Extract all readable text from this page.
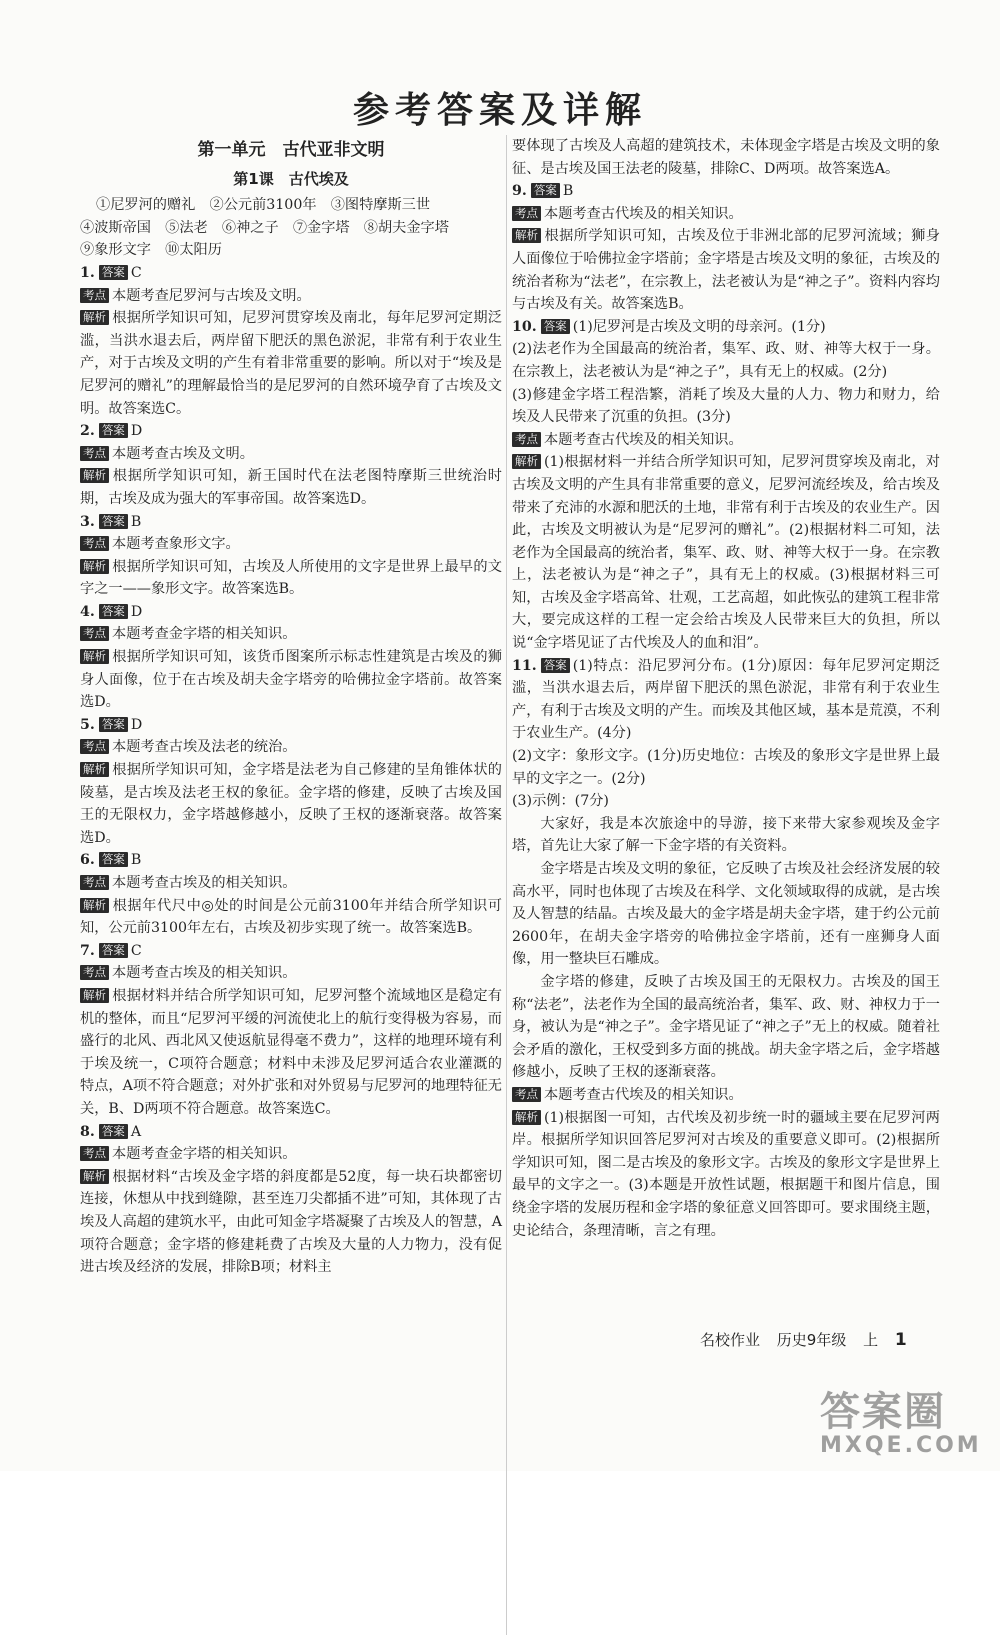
参考答案及详解
第一单元　古代亚非文明
第1课　古代埃及

①尼罗河的赠礼　②公元前3100年　③图特摩斯三世

④波斯帝国　⑤法老　⑥神之子　⑦金字塔　⑧胡夫金字塔

⑨象形文字　⑩太阳历

1. 答案 C

考点 本题考查尼罗河与古埃及文明。

解析 根据所学知识可知，尼罗河贯穿埃及南北，每年尼罗河定期泛滥，当洪水退去后，两岸留下肥沃的黑色淤泥，非常有利于农业生产，对于古埃及文明的产生有着非常重要的影响。所以对于“埃及是尼罗河的赠礼”的理解最恰当的是尼罗河的自然环境孕育了古埃及文明。故答案选C。

2. 答案 D

考点 本题考查古埃及文明。

解析 根据所学知识可知，新王国时代在法老图特摩斯三世统治时期，古埃及成为强大的军事帝国。故答案选D。

3. 答案 B

考点 本题考查象形文字。

解析 根据所学知识可知，古埃及人所使用的文字是世界上最早的文字之一——象形文字。故答案选B。

4. 答案 D

考点 本题考查金字塔的相关知识。

解析 根据所学知识可知，该货币图案所示标志性建筑是古埃及的狮身人面像，位于在古埃及胡夫金字塔旁的哈佛拉金字塔前。故答案选D。

5. 答案 D

考点 本题考查古埃及法老的统治。

解析 根据所学知识可知，金字塔是法老为自己修建的呈角锥体状的陵墓，是古埃及法老王权的象征。金字塔的修建，反映了古埃及国王的无限权力，金字塔越修越小，反映了王权的逐渐衰落。故答案选D。

6. 答案 B

考点 本题考查古埃及的相关知识。

解析 根据年代尺中◎处的时间是公元前3100年并结合所学知识可知，公元前3100年左右，古埃及初步实现了统一。故答案选B。

7. 答案 C

考点 本题考查古埃及的相关知识。

解析 根据材料并结合所学知识可知，尼罗河整个流域地区是稳定有机的整体，而且“尼罗河平缓的河流使北上的航行变得极为容易，而盛行的北风、西北风又使返航显得毫不费力”，这样的地理环境有利于埃及统一，C项符合题意；材料中未涉及尼罗河适合农业灌溉的特点，A项不符合题意；对外扩张和对外贸易与尼罗河的地理特征无关，B、D两项不符合题意。故答案选C。

8. 答案 A

考点 本题考查金字塔的相关知识。

解析 根据材料“古埃及金字塔的斜度都是52度，每一块石块都密切连接，休想从中找到缝隙，甚至连刀尖都插不进”可知，其体现了古埃及人高超的建筑水平，由此可知金字塔凝聚了古埃及人的智慧，A项符合题意；金字塔的修建耗费了古埃及大量的人力物力，没有促进古埃及经济的发展，排除B项；材料主

要体现了古埃及人高超的建筑技术，未体现金字塔是古埃及文明的象征、是古埃及国王法老的陵墓，排除C、D两项。故答案选A。

9. 答案 B

考点 本题考查古代埃及的相关知识。

解析 根据所学知识可知，古埃及位于非洲北部的尼罗河流域；狮身人面像位于哈佛拉金字塔前；金字塔是古埃及文明的象征，古埃及的统治者称为“法老”，在宗教上，法老被认为是“神之子”。资料内容均与古埃及有关。故答案选B。

10. 答案 (1)尼罗河是古埃及文明的母亲河。(1分)

(2)法老作为全国最高的统治者，集军、政、财、神等大权于一身。在宗教上，法老被认为是“神之子”，具有无上的权威。(2分)

(3)修建金字塔工程浩繁，消耗了埃及大量的人力、物力和财力，给埃及人民带来了沉重的负担。(3分)

考点 本题考查古代埃及的相关知识。

解析 (1)根据材料一并结合所学知识可知，尼罗河贯穿埃及南北，对古埃及文明的产生具有非常重要的意义，尼罗河流经埃及，给古埃及带来了充沛的水源和肥沃的土地，非常有利于古埃及的农业生产。因此，古埃及文明被认为是“尼罗河的赠礼”。(2)根据材料二可知，法老作为全国最高的统治者，集军、政、财、神等大权于一身。在宗教上，法老被认为是“神之子”，具有无上的权威。(3)根据材料三可知，古埃及金字塔高耸、壮观，工艺高超，如此恢弘的建筑工程非常大，要完成这样的工程一定会给古埃及人民带来巨大的负担，所以说“金字塔见证了古代埃及人的血和泪”。

11. 答案 (1)特点：沿尼罗河分布。(1分)原因：每年尼罗河定期泛滥，当洪水退去后，两岸留下肥沃的黑色淤泥，非常有利于农业生产，有利于古埃及文明的产生。而埃及其他区域，基本是荒漠，不利于农业生产。(4分)

(2)文字：象形文字。(1分)历史地位：古埃及的象形文字是世界上最早的文字之一。(2分)

(3)示例：(7分)

大家好，我是本次旅途中的导游，接下来带大家参观埃及金字塔，首先让大家了解一下金字塔的有关资料。

金字塔是古埃及文明的象征，它反映了古埃及社会经济发展的较高水平，同时也体现了古埃及在科学、文化领域取得的成就，是古埃及人智慧的结晶。古埃及最大的金字塔是胡夫金字塔，建于约公元前2600年，在胡夫金字塔旁的哈佛拉金字塔前，还有一座狮身人面像，用一整块巨石雕成。

金字塔的修建，反映了古埃及国王的无限权力。古埃及的国王称“法老”，法老作为全国的最高统治者，集军、政、财、神权力于一身，被认为是“神之子”。金字塔见证了“神之子”无上的权威。随着社会矛盾的激化，王权受到多方面的挑战。胡夫金字塔之后，金字塔越修越小，反映了王权的逐渐衰落。

考点 本题考查古代埃及的相关知识。

解析 (1)根据图一可知，古代埃及初步统一时的疆域主要在尼罗河两岸。根据所学知识回答尼罗河对古埃及的重要意义即可。(2)根据所学知识可知，图二是古埃及的象形文字。古埃及的象形文字是世界上最早的文字之一。(3)本题是开放性试题，根据题干和图片信息，围绕金字塔的发展历程和金字塔的象征意义回答即可。要求围绕主题，史论结合，条理清晰，言之有理。

名校作业 历史9年级 上 1
答案圈
MXQE.COM
